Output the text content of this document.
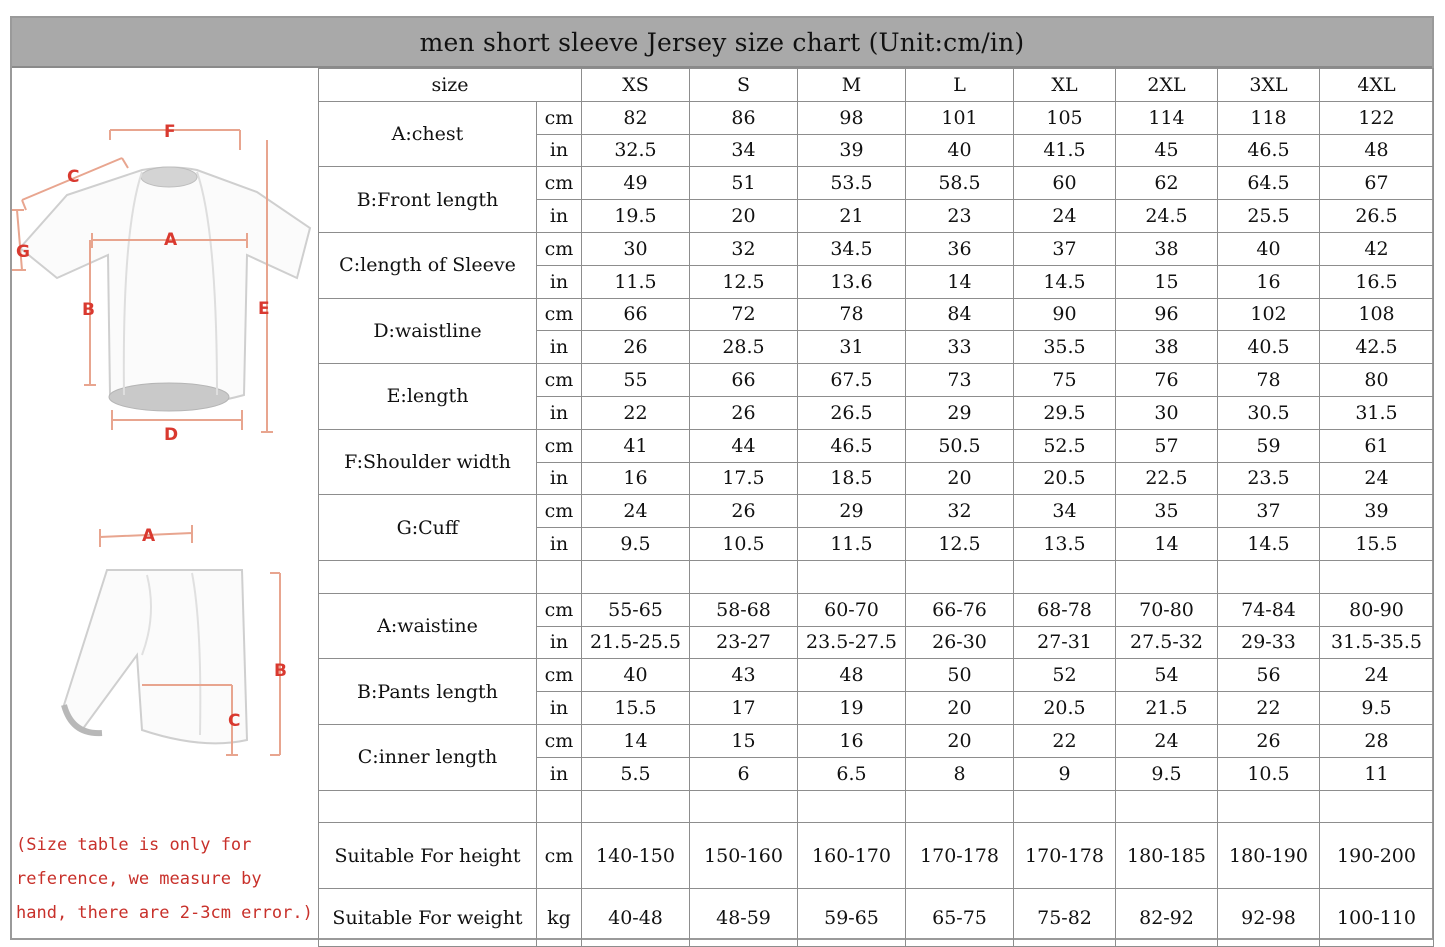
men short sleeve Jersey size chart (Unit:cm/in)
F
C
G
A
B	E
D
A
B
C
(Size table is only for
reference, we measure by
hand, there are 2-3cm error.)
size		XS	S	M	L	XL	2XL	3XL	4XL
A:chest	cm	82	86	98	101	105	114	118	122
	in	32.5	34	39	40	41.5	45	46.5	48
B:Front length	cm	49	51	53.5	58.5	60	62	64.5	67
	in	19.5	20	21	23	24	24.5	25.5	26.5
C:length of Sleeve	cm	30	32	34.5	36	37	38	40	42
	in	11.5	12.5	13.6	14	14.5	15	16	16.5
D:waistline	cm	66	72	78	84	90	96	102	108
	in	26	28.5	31	33	35.5	38	40.5	42.5
E:length	cm	55	66	67.5	73	75	76	78	80
	in	22	26	26.5	29	29.5	30	30.5	31.5
F:Shoulder width	cm	41	44	46.5	50.5	52.5	57	59	61
	in	16	17.5	18.5	20	20.5	22.5	23.5	24
G:Cuff	cm	24	26	29	32	34	35	37	39
	in	9.5	10.5	11.5	12.5	13.5	14	14.5	15.5

A:waistine	cm	55-65	58-68	60-70	66-76	68-78	70-80	74-84	80-90
	in	21.5-25.5	23-27	23.5-27.5	26-30	27-31	27.5-32	29-33	31.5-35.5
B:Pants length	cm	40	43	48	50	52	54	56	24
	in	15.5	17	19	20	20.5	21.5	22	9.5
C:inner length	cm	14	15	16	20	22	24	26	28
	in	5.5	6	6.5	8	9	9.5	10.5	11

Suitable For height	cm	140-150	150-160	160-170	170-178	170-178	180-185	180-190	190-200
Suitable For weight	kg	40-48	48-59	59-65	65-75	75-82	82-92	92-98	100-110
